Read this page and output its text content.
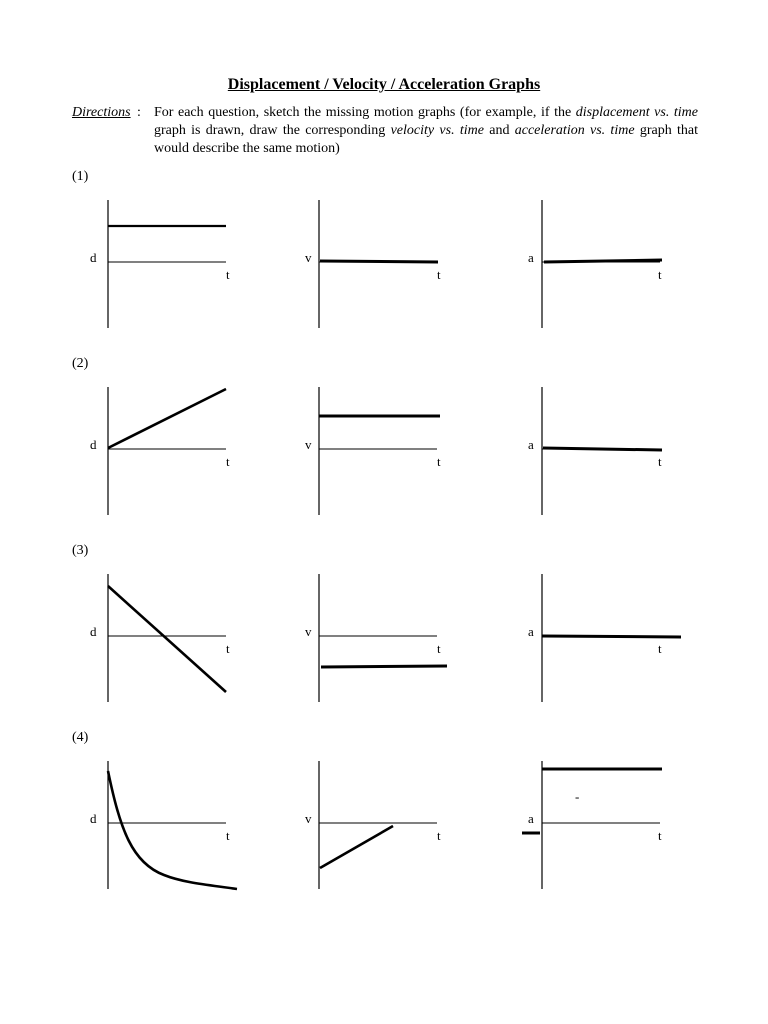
Displacement / Velocity / Acceleration Graphs
Directions : For each question, sketch the missing motion graphs (for example, if the displacement vs. time graph is drawn, draw the corresponding velocity vs. time and acceleration vs. time graph that would describe the same motion)
(1)
d
t
v
t
a
t
(2)
d
t
v
t
a
t
(3)
d
t
v
t
a
t
(4)
d
t
v
t
a
t
-
